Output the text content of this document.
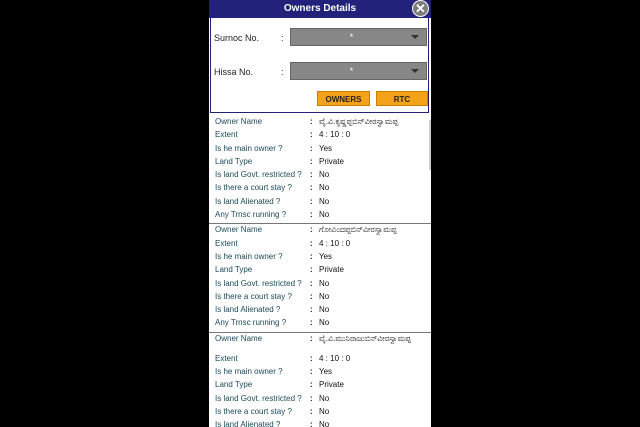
Owners Details	✕
Surnoc No. :	*
Hissa No.	:	*
OWNERS	RTC
Owner Name	: ವೈ.ವಿ.ಕೃಷ್ಣಪ್ಪಬಿನ್‌ವೀರಸ್ವಾಮಪ್ಪ
Extent	: 4 : 10 : 0
Is he main owner ?	: Yes
Land Type	: Private
Is land Govt. restricted ? : No
Is there a court stay ? : No
Is land Alienated ?	: No
Any Trnsc running ?	: No
Owner Name	: ಗೋವಿಂದಪ್ಪಬಿನ್‌ವೀರಸ್ವಾಮಪ್ಪ
Extent	: 4 : 10 : 0
Is he main owner ?	: Yes
Land Type	: Private
Is land Govt. restricted ? : No
Is there a court stay ? : No
Is land Alienated ?	: No
Any Trnsc running ?	: No
Owner Name	: ವೈ.ವಿ.ಮುನಿರಾಜುಬಿನ್‌ವೀರಸ್ವಾಮಪ್ಪ
Extent	: 4 : 10 : 0
Is he main owner ?	: Yes
Land Type	: Private
Is land Govt. restricted ? : No
Is there a court stay ? : No
Is land Alienated ?	: No
